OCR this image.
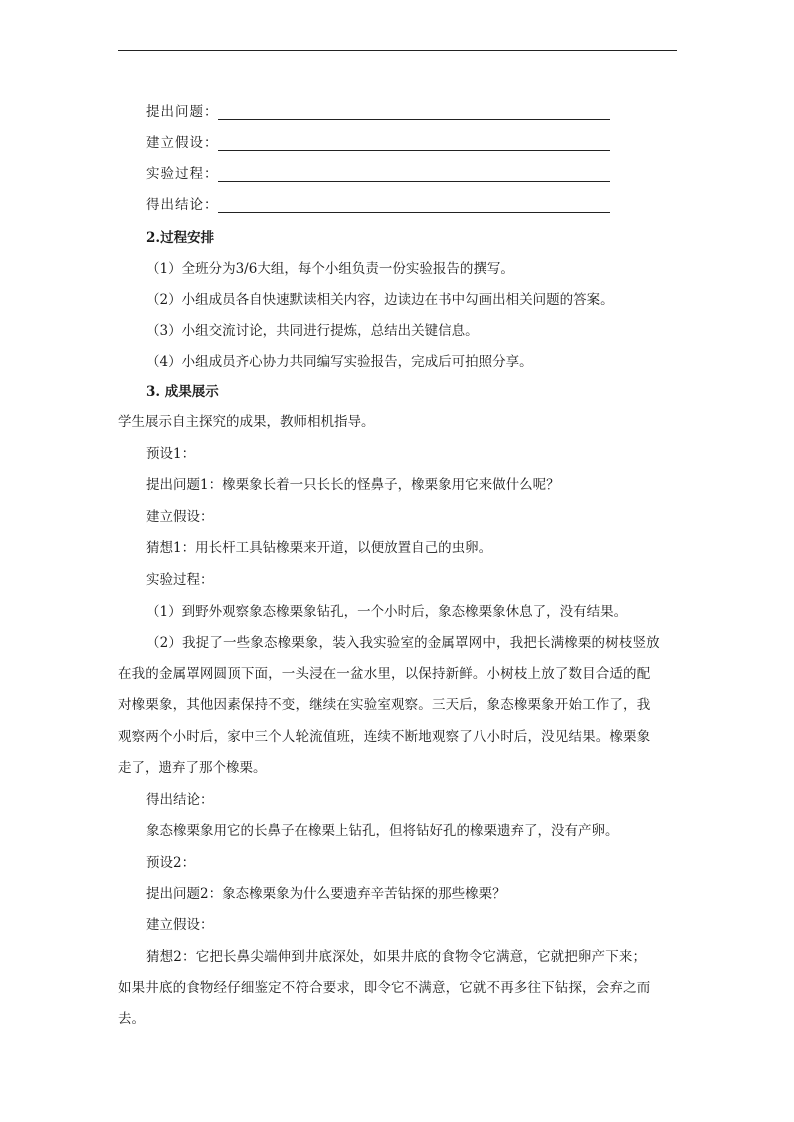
提出问题：
建立假设：
实验过程：
得出结论：
2.过程安排
（1）全班分为3/6大组，每个小组负责一份实验报告的撰写。
（2）小组成员各自快速默读相关内容，边读边在书中勾画出相关问题的答案。
（3）小组交流讨论，共同进行提炼，总结出关键信息。
（4）小组成员齐心协力共同编写实验报告，完成后可拍照分享。
3. 成果展示
学生展示自主探究的成果，教师相机指导。
预设1：
提出问题1：橡栗象长着一只长长的怪鼻子，橡栗象用它来做什么呢？
建立假设：
猜想1：用长杆工具钻橡栗来开道，以便放置自己的虫卵。
实验过程：
（1）到野外观察象态橡栗象钻孔，一个小时后，象态橡栗象休息了，没有结果。
（2）我捉了一些象态橡栗象，装入我实验室的金属罩网中，我把长满橡栗的树枝竖放
在我的金属罩网圆顶下面，一头浸在一盆水里，以保持新鲜。小树枝上放了数目合适的配
对橡栗象，其他因素保持不变，继续在实验室观察。三天后，象态橡栗象开始工作了，我
观察两个小时后，家中三个人轮流值班，连续不断地观察了八小时后，没见结果。橡栗象
走了，遗弃了那个橡栗。
得出结论：
象态橡栗象用它的长鼻子在橡栗上钻孔，但将钻好孔的橡栗遗弃了，没有产卵。
预设2：
提出问题2：象态橡栗象为什么要遗弃辛苦钻探的那些橡栗？
建立假设：
猜想2：它把长鼻尖端伸到井底深处，如果井底的食物令它满意，它就把卵产下来；
如果井底的食物经仔细鉴定不符合要求，即令它不满意，它就不再多往下钻探，会弃之而
去。
